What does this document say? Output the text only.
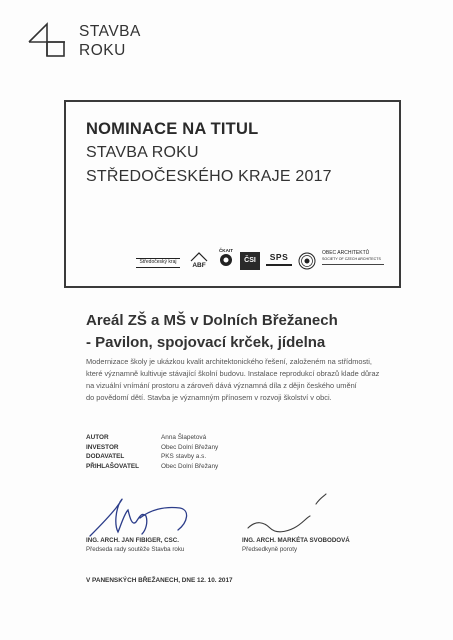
STAVBA
ROKU
NOMINACE NA TITUL
STAVBA ROKU
STŘEDOČESKÉHO KRAJE 2017
Středočeský kraj	ABF
ČKAIT
ČSI	SPS	OBEC ARCHITEKTŮ
SOCIETY OF CZECH ARCHITECTS
Areál ZŠ a MŠ v Dolních Břežanech
- Pavilon, spojovací krček, jídelna
Modernizace školy je ukázkou kvalit architektonického řešení, založeném na střídmosti,
které významně kultivuje stávající školní budovu. Instalace reprodukcí obrazů klade důraz
na vizuální vnímání prostoru a zároveň dává významná díla z dějin českého umění
do povědomí dětí. Stavba je významným přínosem v rozvoji školství v obci.
AUTOR	Anna Šlapetová
INVESTOR	Obec Dolní Břežany
DODAVATEL	PKS stavby a.s.
PŘIHLAŠOVATEL	Obec Dolní Břežany
ING. ARCH. JAN FIBIGER, CSC.
Předseda rady soutěže Stavba roku
ING. ARCH. MARKÉTA SVOBODOVÁ
Předsedkyně poroty
V PANENSKÝCH BŘEŽANECH, DNE 12. 10. 2017
